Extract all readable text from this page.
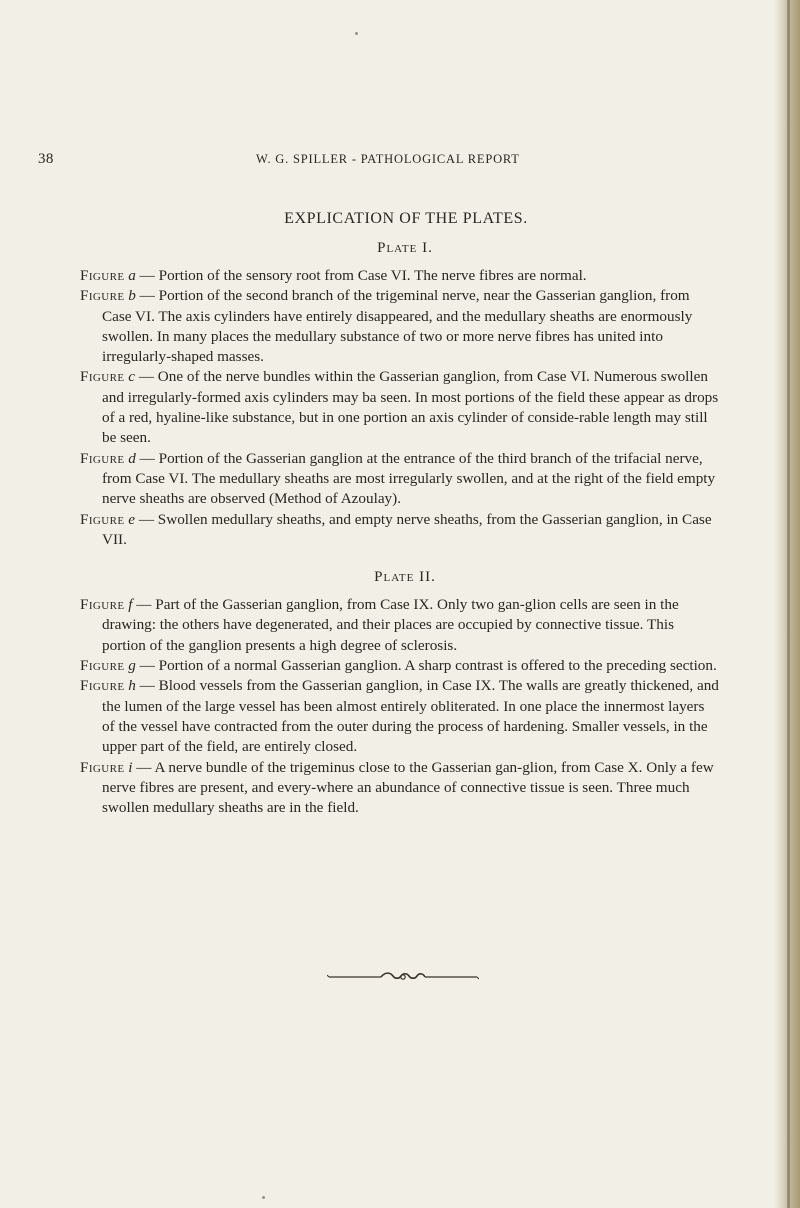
38	W. G. SPILLER - PATHOLOGICAL REPORT
EXPLICATION OF THE PLATES.
Plate I.

Figure a — Portion of the sensory root from Case VI. The nerve fibres are normal.

Figure b — Portion of the second branch of the trigeminal nerve, near the Gasserian ganglion, from Case VI. The axis cylinders have entirely disappeared, and the medullary sheaths are enormously swollen. In many places the medullary substance of two or more nerve fibres has united into irregularly-shaped masses.

Figure c — One of the nerve bundles within the Gasserian ganglion, from Case VI. Numerous swollen and irregularly-formed axis cylinders may ba seen. In most portions of the field these appear as drops of a red, hyaline-like substance, but in one portion an axis cylinder of conside-rable length may still be seen.

Figure d — Portion of the Gasserian ganglion at the entrance of the third branch of the trifacial nerve, from Case VI. The medullary sheaths are most irregularly swollen, and at the right of the field empty nerve sheaths are observed (Method of Azoulay).

Figure e — Swollen medullary sheaths, and empty nerve sheaths, from the Gasserian ganglion, in Case VII.

Plate II.

Figure f — Part of the Gasserian ganglion, from Case IX. Only two gan-glion cells are seen in the drawing: the others have degenerated, and their places are occupied by connective tissue. This portion of the ganglion presents a high degree of sclerosis.

Figure g — Portion of a normal Gasserian ganglion. A sharp contrast is offered to the preceding section.

Figure h — Blood vessels from the Gasserian ganglion, in Case IX. The walls are greatly thickened, and the lumen of the large vessel has been almost entirely obliterated. In one place the innermost layers of the vessel have contracted from the outer during the process of hardening. Smaller vessels, in the upper part of the field, are entirely closed.

Figure i — A nerve bundle of the trigeminus close to the Gasserian gan-glion, from Case X. Only a few nerve fibres are present, and every-where an abundance of connective tissue is seen. Three much swollen medullary sheaths are in the field.
